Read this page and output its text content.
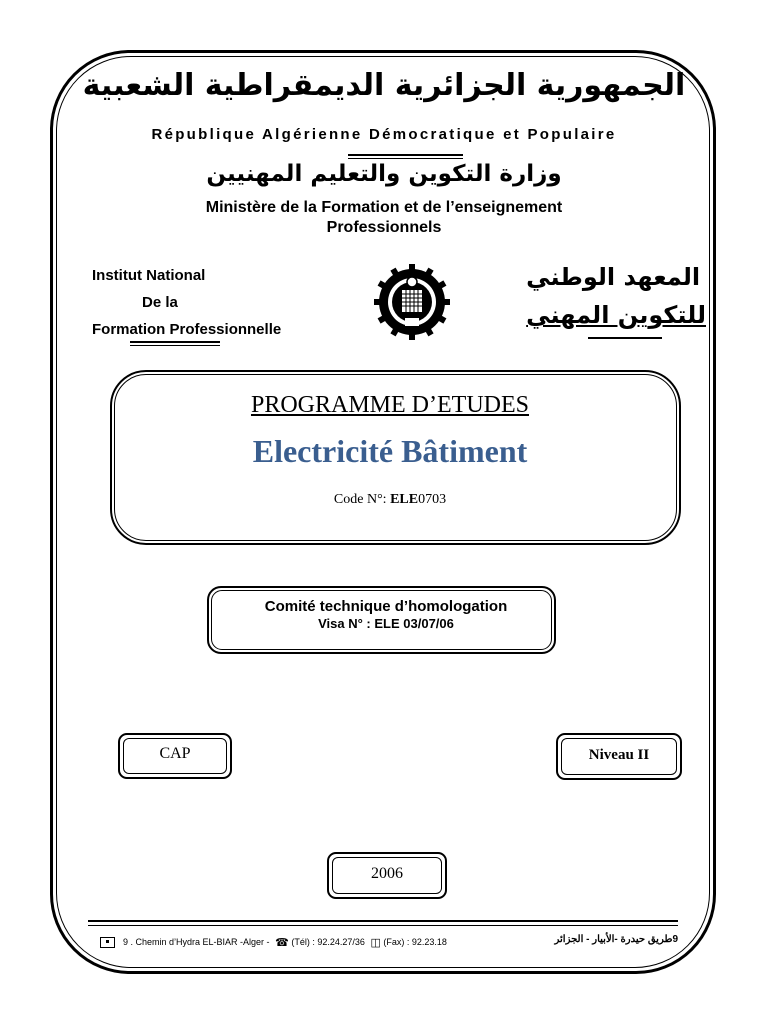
الجمهورية الجزائرية الديمقراطية الشعبية
République Algérienne Démocratique et Populaire
وزارة التكوين والتعليم المهنيين
Ministère de la Formation et de l’enseignement
Professionnels
Institut National
De la
Formation Professionnelle
المعهد الوطني
للتكوين المهني
PROGRAMME D’ETUDES
Electricité Bâtiment
Code N°: ELE0703
Comité technique d’homologation
Visa N° : ELE 03/07/06
CAP	Niveau II
2006
9 . Chemin d’Hydra EL-BIAR -Alger -  ☎ (Tél) : 92.24.27/36  ◫ (Fax) : 92.23.18	9طريق حيدرة -الأبيار - الجزائر
